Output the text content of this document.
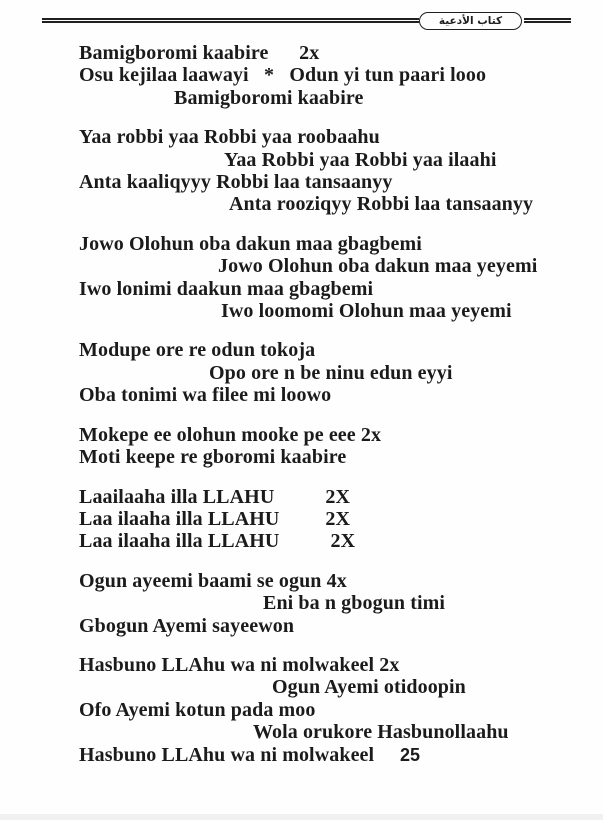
كتاب الأدعية
Bamigboromi kaabire      2x
Osu kejilaa laawayi   *   Odun yi tun paari looo
Bamigboromi kaabire
Yaa robbi yaa Robbi yaa roobaahu
Yaa Robbi yaa Robbi yaa ilaahi
Anta kaaliqyyy Robbi laa tansaanyy
Anta rooziqyy Robbi laa tansaanyy
Jowo Olohun oba dakun maa gbagbemi
Jowo Olohun oba dakun maa yeyemi
Iwo lonimi daakun maa gbagbemi
Iwo loomomi Olohun maa yeyemi
Modupe ore re odun tokoja
Opo ore n be ninu edun eyyi
Oba tonimi wa filee mi loowo
Mokepe ee olohun mooke pe eee 2x
Moti keepe re gboromi kaabire
Laailaaha illa LLAHU          2X
Laa ilaaha illa LLAHU         2X
Laa ilaaha illa LLAHU          2X
Ogun ayeemi baami se ogun 4x
Eni ba n gbogun timi
Gbogun Ayemi sayeewon
Hasbuno LLAhu wa ni molwakeel 2x
Ogun Ayemi otidoopin
Ofo Ayemi kotun pada moo
Wola orukore Hasbunollaahu
Hasbuno LLAhu wa ni molwakeel	25
